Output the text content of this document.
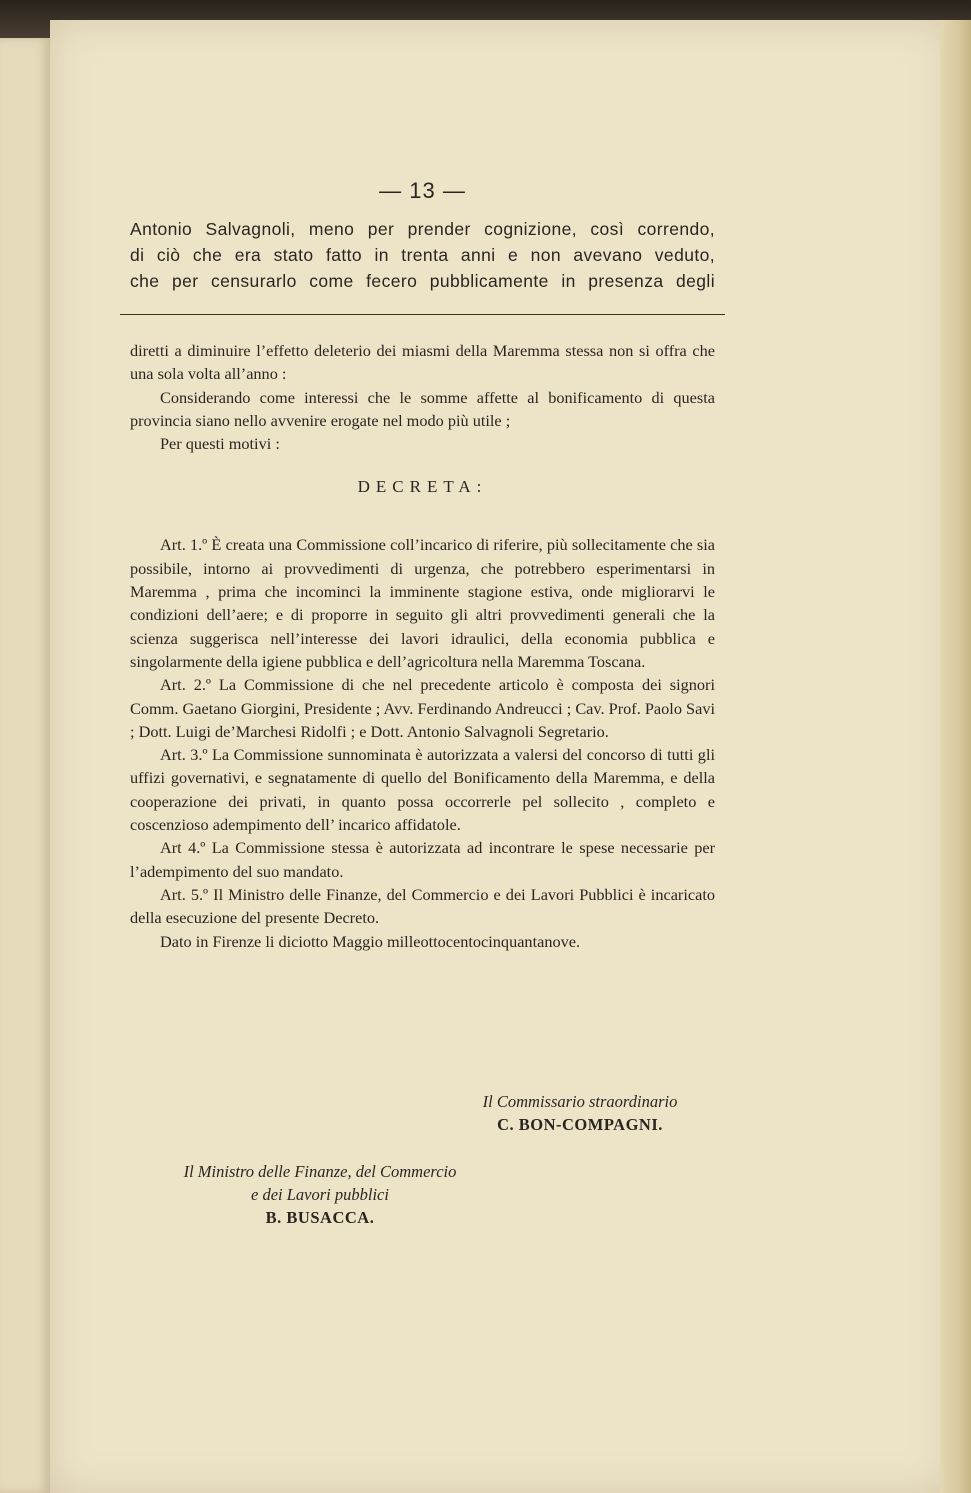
— 13 —

Antonio Salvagnoli, meno per prender cognizione, così correndo,

di ciò che era stato fatto in trenta anni e non avevano veduto,

che per censurarlo come fecero pubblicamente in presenza degli

diretti a diminuire l’effetto deleterio dei miasmi della Maremma stessa non si offra che una sola volta all’anno :

Considerando come interessi che le somme affette al bonificamento di questa provincia siano nello avvenire erogate nel modo più utile ;

Per questi motivi :

DECRETA:

Art. 1.º È creata una Commissione coll’incarico di riferire, più sollecitamente che sia possibile, intorno ai provvedimenti di urgenza, che potrebbero esperimentarsi in Maremma , prima che incominci la imminente stagione estiva, onde migliorarvi le condizioni dell’aere; e di proporre in seguito gli altri provvedimenti generali che la scienza suggerisca nell’interesse dei lavori idraulici, della economia pubblica e singolarmente della igiene pubblica e dell’agricoltura nella Maremma Toscana.

Art. 2.º La Commissione di che nel precedente articolo è composta dei signori Comm. Gaetano Giorgini, Presidente ; Avv. Ferdinando Andreucci ; Cav. Prof. Paolo Savi ; Dott. Luigi de’Marchesi Ridolfi ; e Dott. Antonio Salvagnoli Segretario.

Art. 3.º La Commissione sunnominata è autorizzata a valersi del concorso di tutti gli uffizi governativi, e segnatamente di quello del Bonificamento della Maremma, e della cooperazione dei privati, in quanto possa occorrerle pel sollecito , completo e coscenzioso adempimento dell’ incarico affidatole.

Art 4.º La Commissione stessa è autorizzata ad incontrare le spese necessarie per l’adempimento del suo mandato.

Art. 5.º Il Ministro delle Finanze, del Commercio e dei Lavori Pubblici è incaricato della esecuzione del presente Decreto.

Dato in Firenze li diciotto Maggio milleottocentocinquantanove.

Il Commissario straordinario
C. BON-COMPAGNI.
Il Ministro delle Finanze, del Commercio
e dei Lavori pubblici
B. BUSACCA.
